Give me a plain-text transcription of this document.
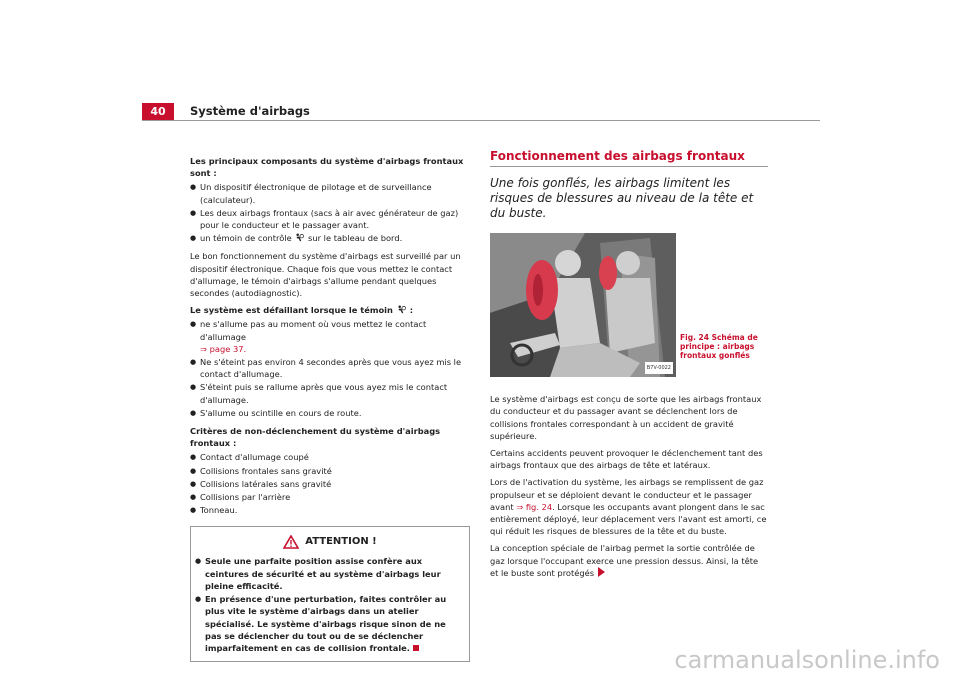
40	Système d'airbags

Les principaux composants du système d'airbags frontaux sont :

● Un dispositif électronique de pilotage et de surveillance (calculateur).
● Les deux airbags frontaux (sacs à air avec générateur de gaz) pour le conducteur et le passager avant.
● un témoin de contrôle sur le tableau de bord.

Le bon fonctionnement du système d'airbags est surveillé par un dispositif électronique. Chaque fois que vous mettez le contact d'allumage, le témoin d'airbags s'allume pendant quelques secondes (autodiagnostic).

Le système est défaillant lorsque le témoin :

● ne s'allume pas au moment où vous mettez le contact d'allumage
⇒ page 37.
● Ne s'éteint pas environ 4 secondes après que vous ayez mis le contact d'allumage.
● S'éteint puis se rallume après que vous ayez mis le contact d'allumage.
● S'allume ou scintille en cours de route.

Critères de non-déclenchement du système d'airbags frontaux :

● Contact d'allumage coupé
● Collisions frontales sans gravité
● Collisions latérales sans gravité
● Collisions par l'arrière
● Tonneau.
ATTENTION !
● Seule une parfaite position assise confère aux ceintures de sécurité et au système d'airbags leur pleine efficacité.
● En présence d'une perturbation, faites contrôler au plus vite le système d'airbags dans un atelier spécialisé. Le système d'airbags risque sinon de ne pas se déclencher du tout ou de se déclencher imparfaitement en cas de collision frontale.
Fonctionnement des airbags frontaux
Une fois gonflés, les airbags limitent les risques de blessures au niveau de la tête et du buste.
B7V-0022

Le système d'airbags est conçu de sorte que les airbags frontaux du conducteur et du passager avant se déclenchent lors de collisions frontales correspondant à un accident de gravité supérieure.

Certains accidents peuvent provoquer le déclenchement tant des airbags frontaux que des airbags de tête et latéraux.

Lors de l'activation du système, les airbags se remplissent de gaz propulseur et se déploient devant le conducteur et le passager avant ⇒ fig. 24. Lorsque les occupants avant plongent dans le sac entièrement déployé, leur déplacement vers l'avant est amorti, ce qui réduit les risques de blessures de la tête et du buste.

La conception spéciale de l'airbag permet la sortie contrôlée de gaz lorsque l'occupant exerce une pression dessus. Ainsi, la tête et le buste sont protégés

Fig. 24 Schéma de principe : airbags frontaux gonflés
carmanualsonline.info
